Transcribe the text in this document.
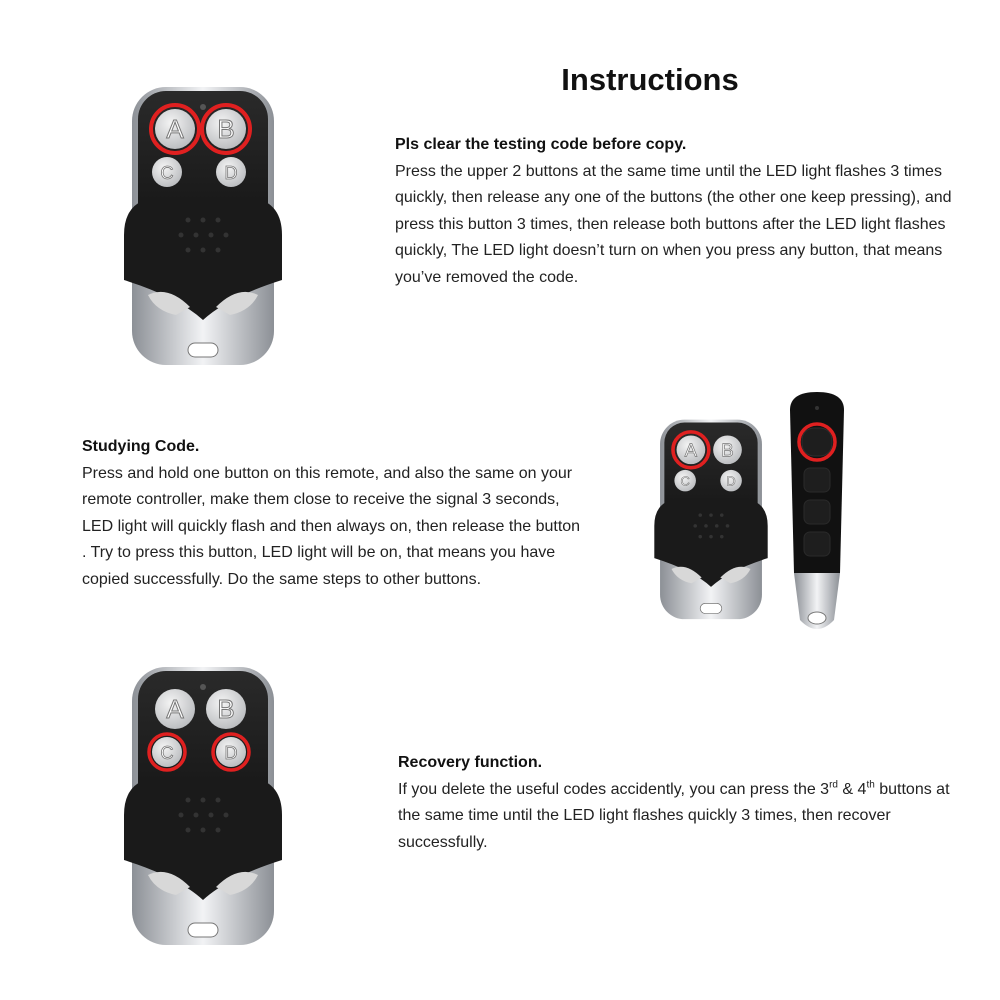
Instructions
A B
C	D
Pls clear the testing code before copy.
Press the upper 2 buttons at the same time until the LED light flashes 3 times quickly, then release any one of the buttons (the other one keep pressing), and press this button 3 times, then release both buttons after the LED light flashes quickly, The LED light doesn’t turn on when you press any button, that means you’ve removed the code.
Studying Code.
Press and hold one button on this remote, and also the same on your remote controller, make them close to receive the signal 3 seconds, LED light will quickly flash and then always on, then release the button . Try to press this button, LED light will be on, that means you have copied successfully. Do the same steps to other buttons.
A B
C D
A B
C	D	Recovery function.
If you delete the useful codes accidently, you can press the 3rd & 4th buttons at the same time until the LED light flashes quickly 3 times, then recover successfully.
